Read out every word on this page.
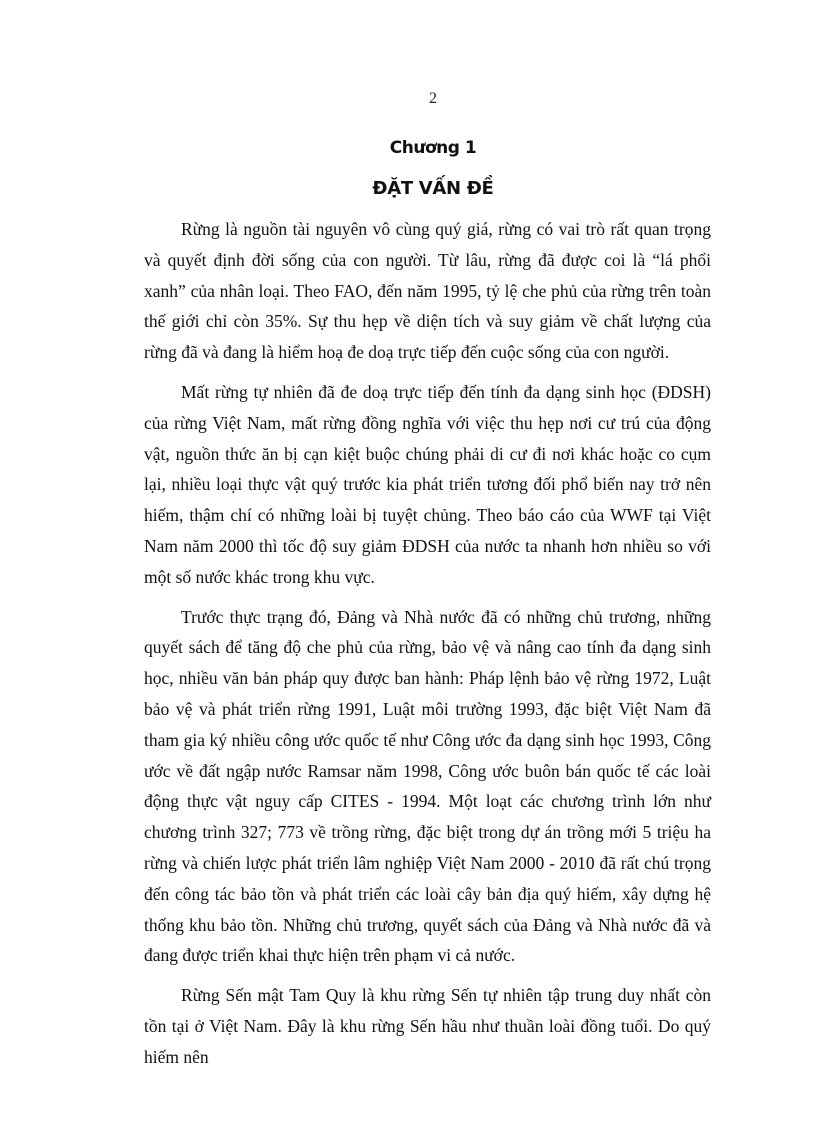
2
Chương 1
ĐẶT VẤN ĐỀ

Rừng là nguồn tài nguyên vô cùng quý giá, rừng có vai trò rất quan trọng và quyết định đời sống của con người. Từ lâu, rừng đã được coi là “lá phổi xanh” của nhân loại. Theo FAO, đến năm 1995, tỷ lệ che phủ của rừng trên toàn thế giới chỉ còn 35%. Sự thu hẹp về diện tích và suy giảm về chất lượng của rừng đã và đang là hiểm hoạ đe doạ trực tiếp đến cuộc sống của con người.

Mất rừng tự nhiên đã đe doạ trực tiếp đến tính đa dạng sinh học (ĐDSH) của rừng Việt Nam, mất rừng đồng nghĩa với việc thu hẹp nơi cư trú của động vật, nguồn thức ăn bị cạn kiệt buộc chúng phải di cư đi nơi khác hoặc co cụm lại, nhiều loại thực vật quý trước kia phát triển tương đối phổ biến nay trở nên hiếm, thậm chí có những loài bị tuyệt chủng. Theo báo cáo của WWF tại Việt Nam năm 2000 thì tốc độ suy giảm ĐDSH của nước ta nhanh hơn nhiều so với một số nước khác trong khu vực.

Trước thực trạng đó, Đảng và Nhà nước đã có những chủ trương, những quyết sách để tăng độ che phủ của rừng, bảo vệ và nâng cao tính đa dạng sinh học, nhiều văn bản pháp quy được ban hành: Pháp lệnh bảo vệ rừng 1972, Luật bảo vệ và phát triển rừng 1991, Luật môi trường 1993, đặc biệt Việt Nam đã tham gia ký nhiều công ước quốc tế như Công ước đa dạng sinh học 1993, Công ước về đất ngập nước Ramsar năm 1998, Công ước buôn bán quốc tế các loài động thực vật nguy cấp CITES - 1994. Một loạt các chương trình lớn như chương trình 327; 773 về trồng rừng, đặc biệt trong dự án trồng mới 5 triệu ha rừng và chiến lược phát triển lâm nghiệp Việt Nam 2000 - 2010 đã rất chú trọng đến công tác bảo tồn và phát triển các loài cây bản địa quý hiếm, xây dựng hệ thống khu bảo tồn. Những chủ trương, quyết sách của Đảng và Nhà nước đã và đang được triển khai thực hiện trên phạm vi cả nước.

Rừng Sến mật Tam Quy là khu rừng Sến tự nhiên tập trung duy nhất còn tồn tại ở Việt Nam. Đây là khu rừng Sến hầu như thuần loài đồng tuổi. Do quý hiếm nên
